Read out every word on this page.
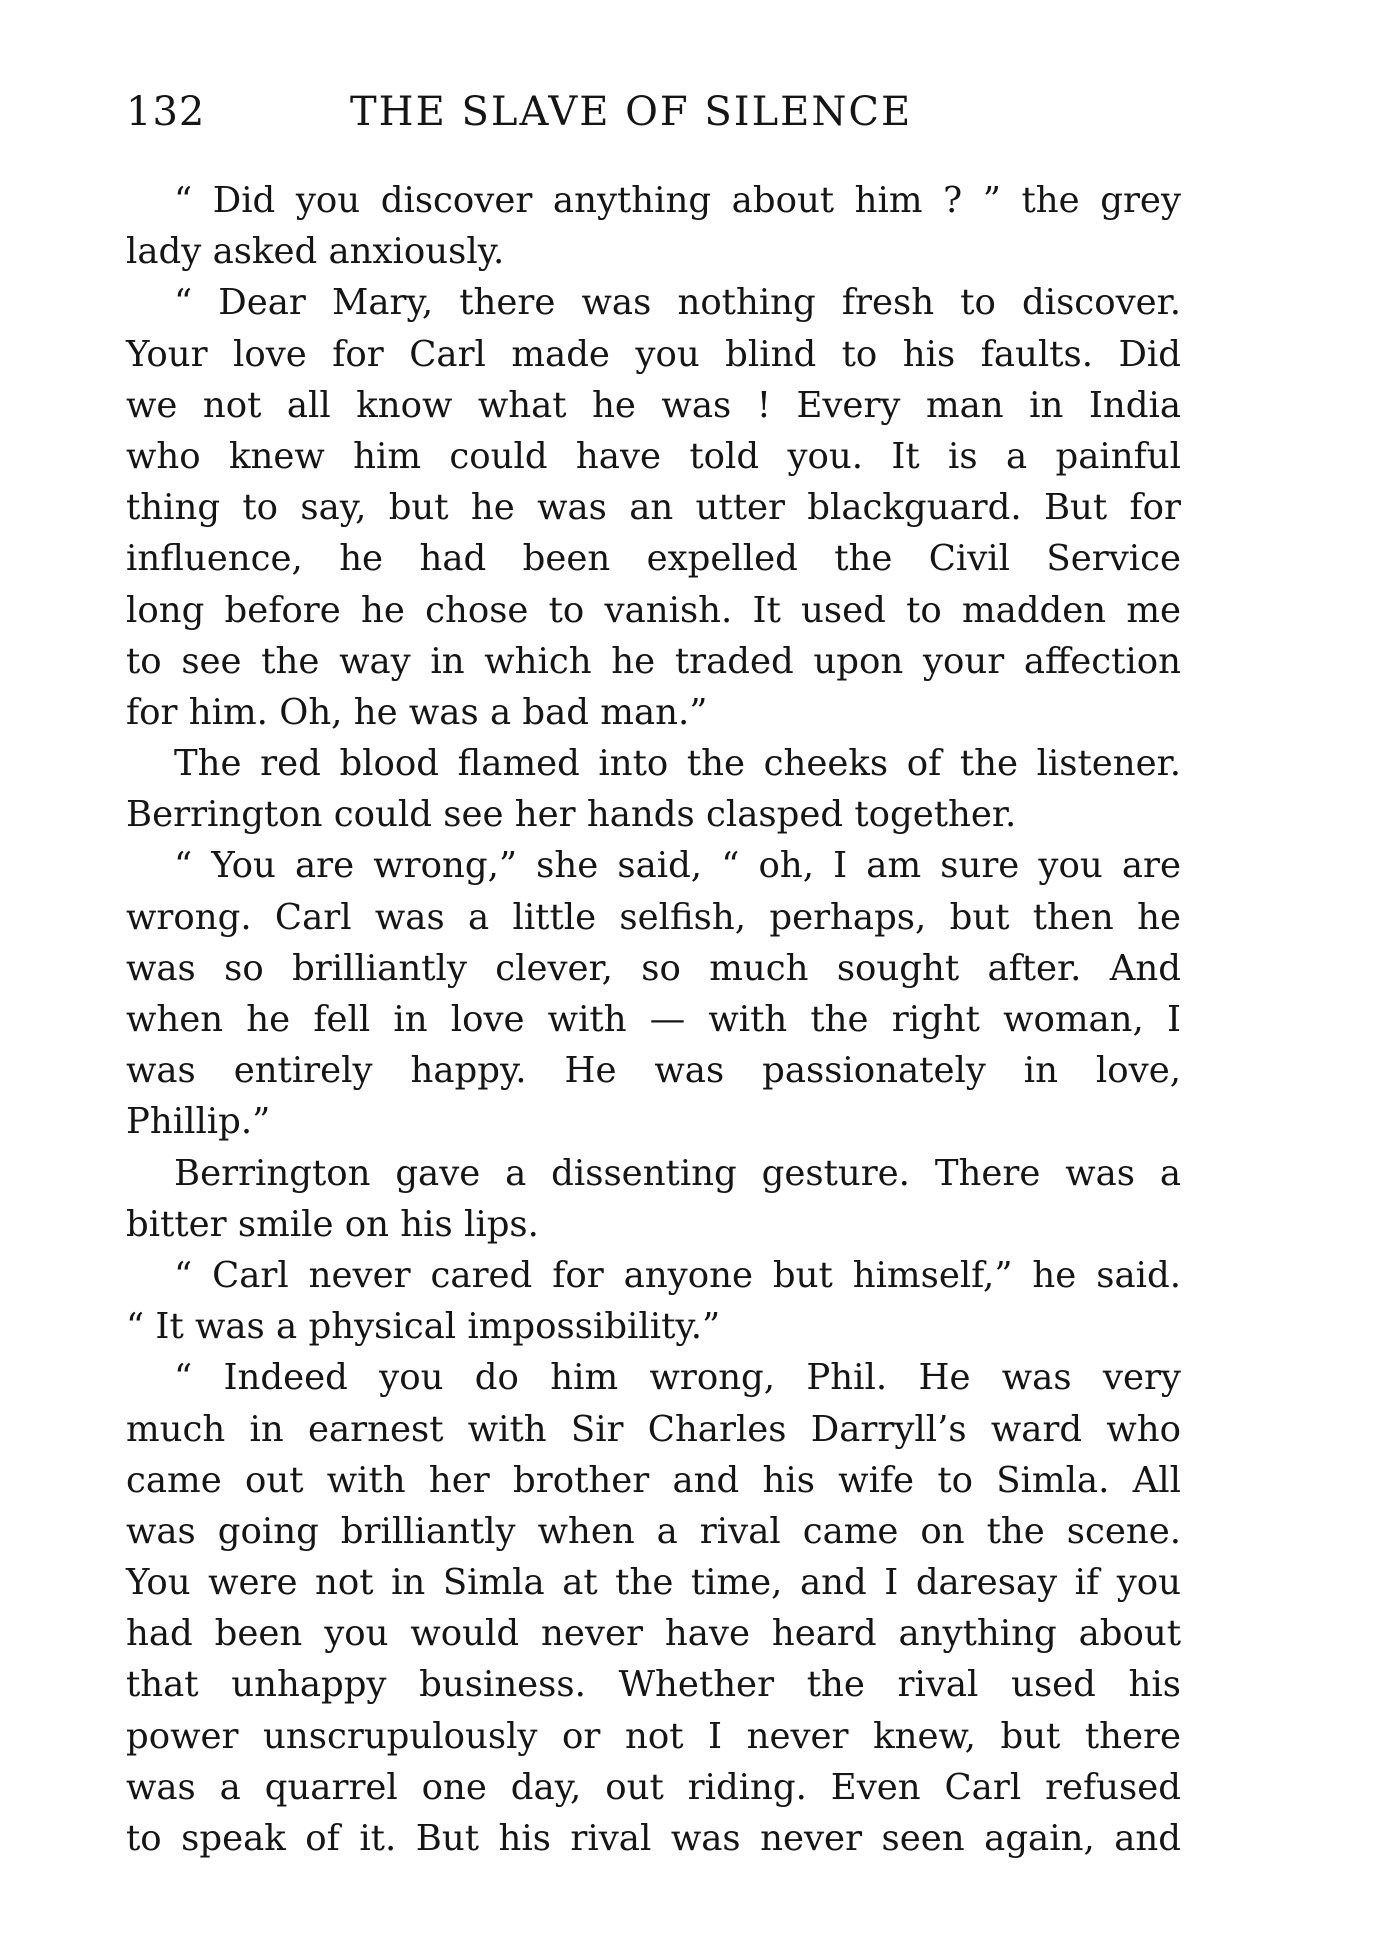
132	THE SLAVE OF SILENCE

“ Did you discover anything about him ? ” the grey
lady asked anxiously.

“ Dear Mary, there was nothing fresh to discover.
Your love for Carl made you blind to his faults. Did
we not all know what he was ! Every man in India
who knew him could have told you. It is a painful
thing to say, but he was an utter blackguard. But for
influence, he had been expelled the Civil Service
long before he chose to vanish. It used to madden me
to see the way in which he traded upon your affection
for him. Oh, he was a bad man.”

The red blood flamed into the cheeks of the listener.
Berrington could see her hands clasped together.

“ You are wrong,” she said, “ oh, I am sure you are
wrong. Carl was a little selfish, perhaps, but then he
was so brilliantly clever, so much sought after. And
when he fell in love with — with the right woman, I
was entirely happy. He was passionately in love,
Phillip.”

Berrington gave a dissenting gesture. There was a
bitter smile on his lips.

“ Carl never cared for anyone but himself,” he said.
“ It was a physical impossibility.”

“ Indeed you do him wrong, Phil. He was very
much in earnest with Sir Charles Darryll’s ward who
came out with her brother and his wife to Simla. All
was going brilliantly when a rival came on the scene.
You were not in Simla at the time, and I daresay if you
had been you would never have heard anything about
that unhappy business. Whether the rival used his
power unscrupulously or not I never knew, but there
was a quarrel one day, out riding. Even Carl refused
to speak of it. But his rival was never seen again, and
